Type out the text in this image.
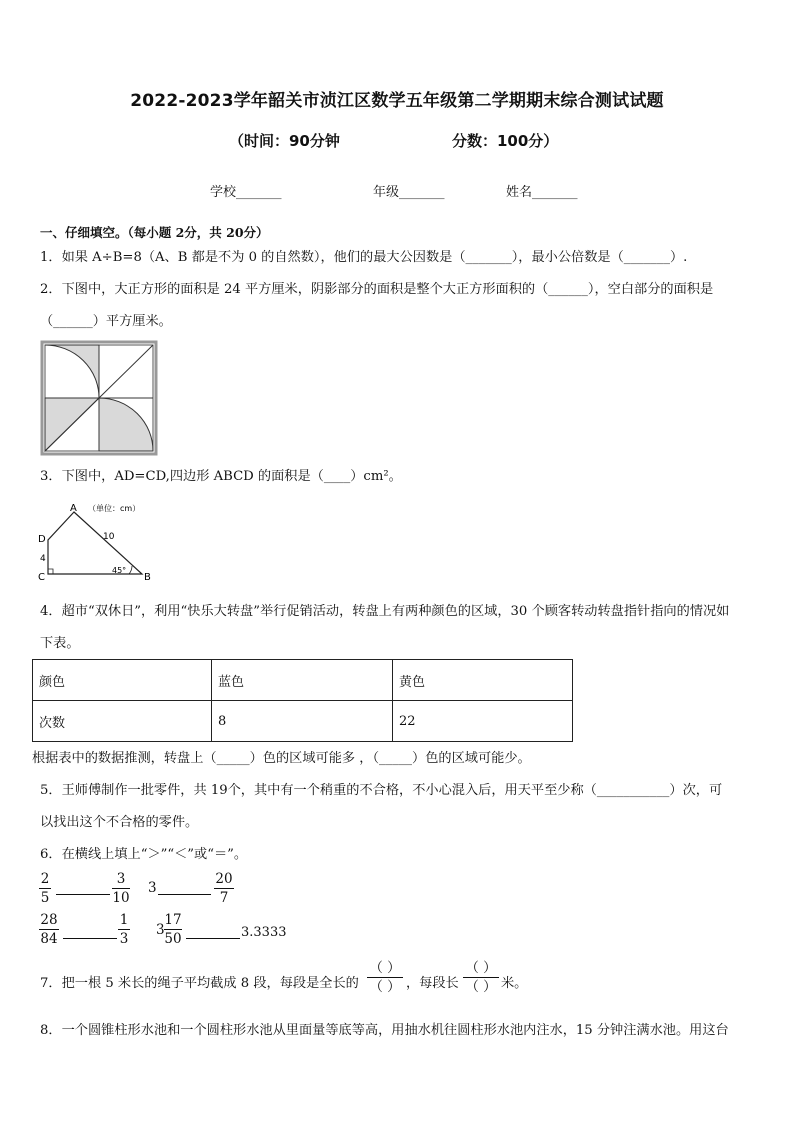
2022-2023学年韶关市浈江区数学五年级第二学期期末综合测试试题
（时间：90分钟	分数：100分）
学校_______	年级_______	姓名_______
一、仔细填空。（每小题 2分，共 20分）
1．如果 A÷B=8（A、B 都是不为 0 的自然数），他们的最大公因数是（_______），最小公倍数是（_______）.
2．下图中，大正方形的面积是 24 平方厘米，阴影部分的面积是整个大正方形面积的（______），空白部分的面积是
（______）平方厘米。
3．下图中，AD=CD,四边形 ABCD 的面积是（____）cm²。
A （单位：cm）
D
C	B
10
4
45°
4．超市“双休日”，利用“快乐大转盘”举行促销活动，转盘上有两种颜色的区域，30 个顾客转动转盘指针指向的情况如
下表。
颜色	蓝色	黄色
次数	8	22
根据表中的数据推测，转盘上（_____）色的区域可能多 ，（_____）色的区域可能少。
5．王师傅制作一批零件，共 19个，其中有一个稍重的不合格，不小心混入后，用天平至少称（___________）次，可
以找出这个不合格的零件。
6．在横线上填上“＞”“＜”或“＝”。
2
5
3
10
3
20
7
28
84
1
3
3
17
50	3.3333
7．把一根 5 米长的绳子平均截成 8 段，每段是全长的
（ ）
（ ） ，每段长
（ ）
（ ） 米。
8．一个圆锥柱形水池和一个圆柱形水池从里面量等底等高，用抽水机往圆柱形水池内注水，15 分钟注满水池。用这台
